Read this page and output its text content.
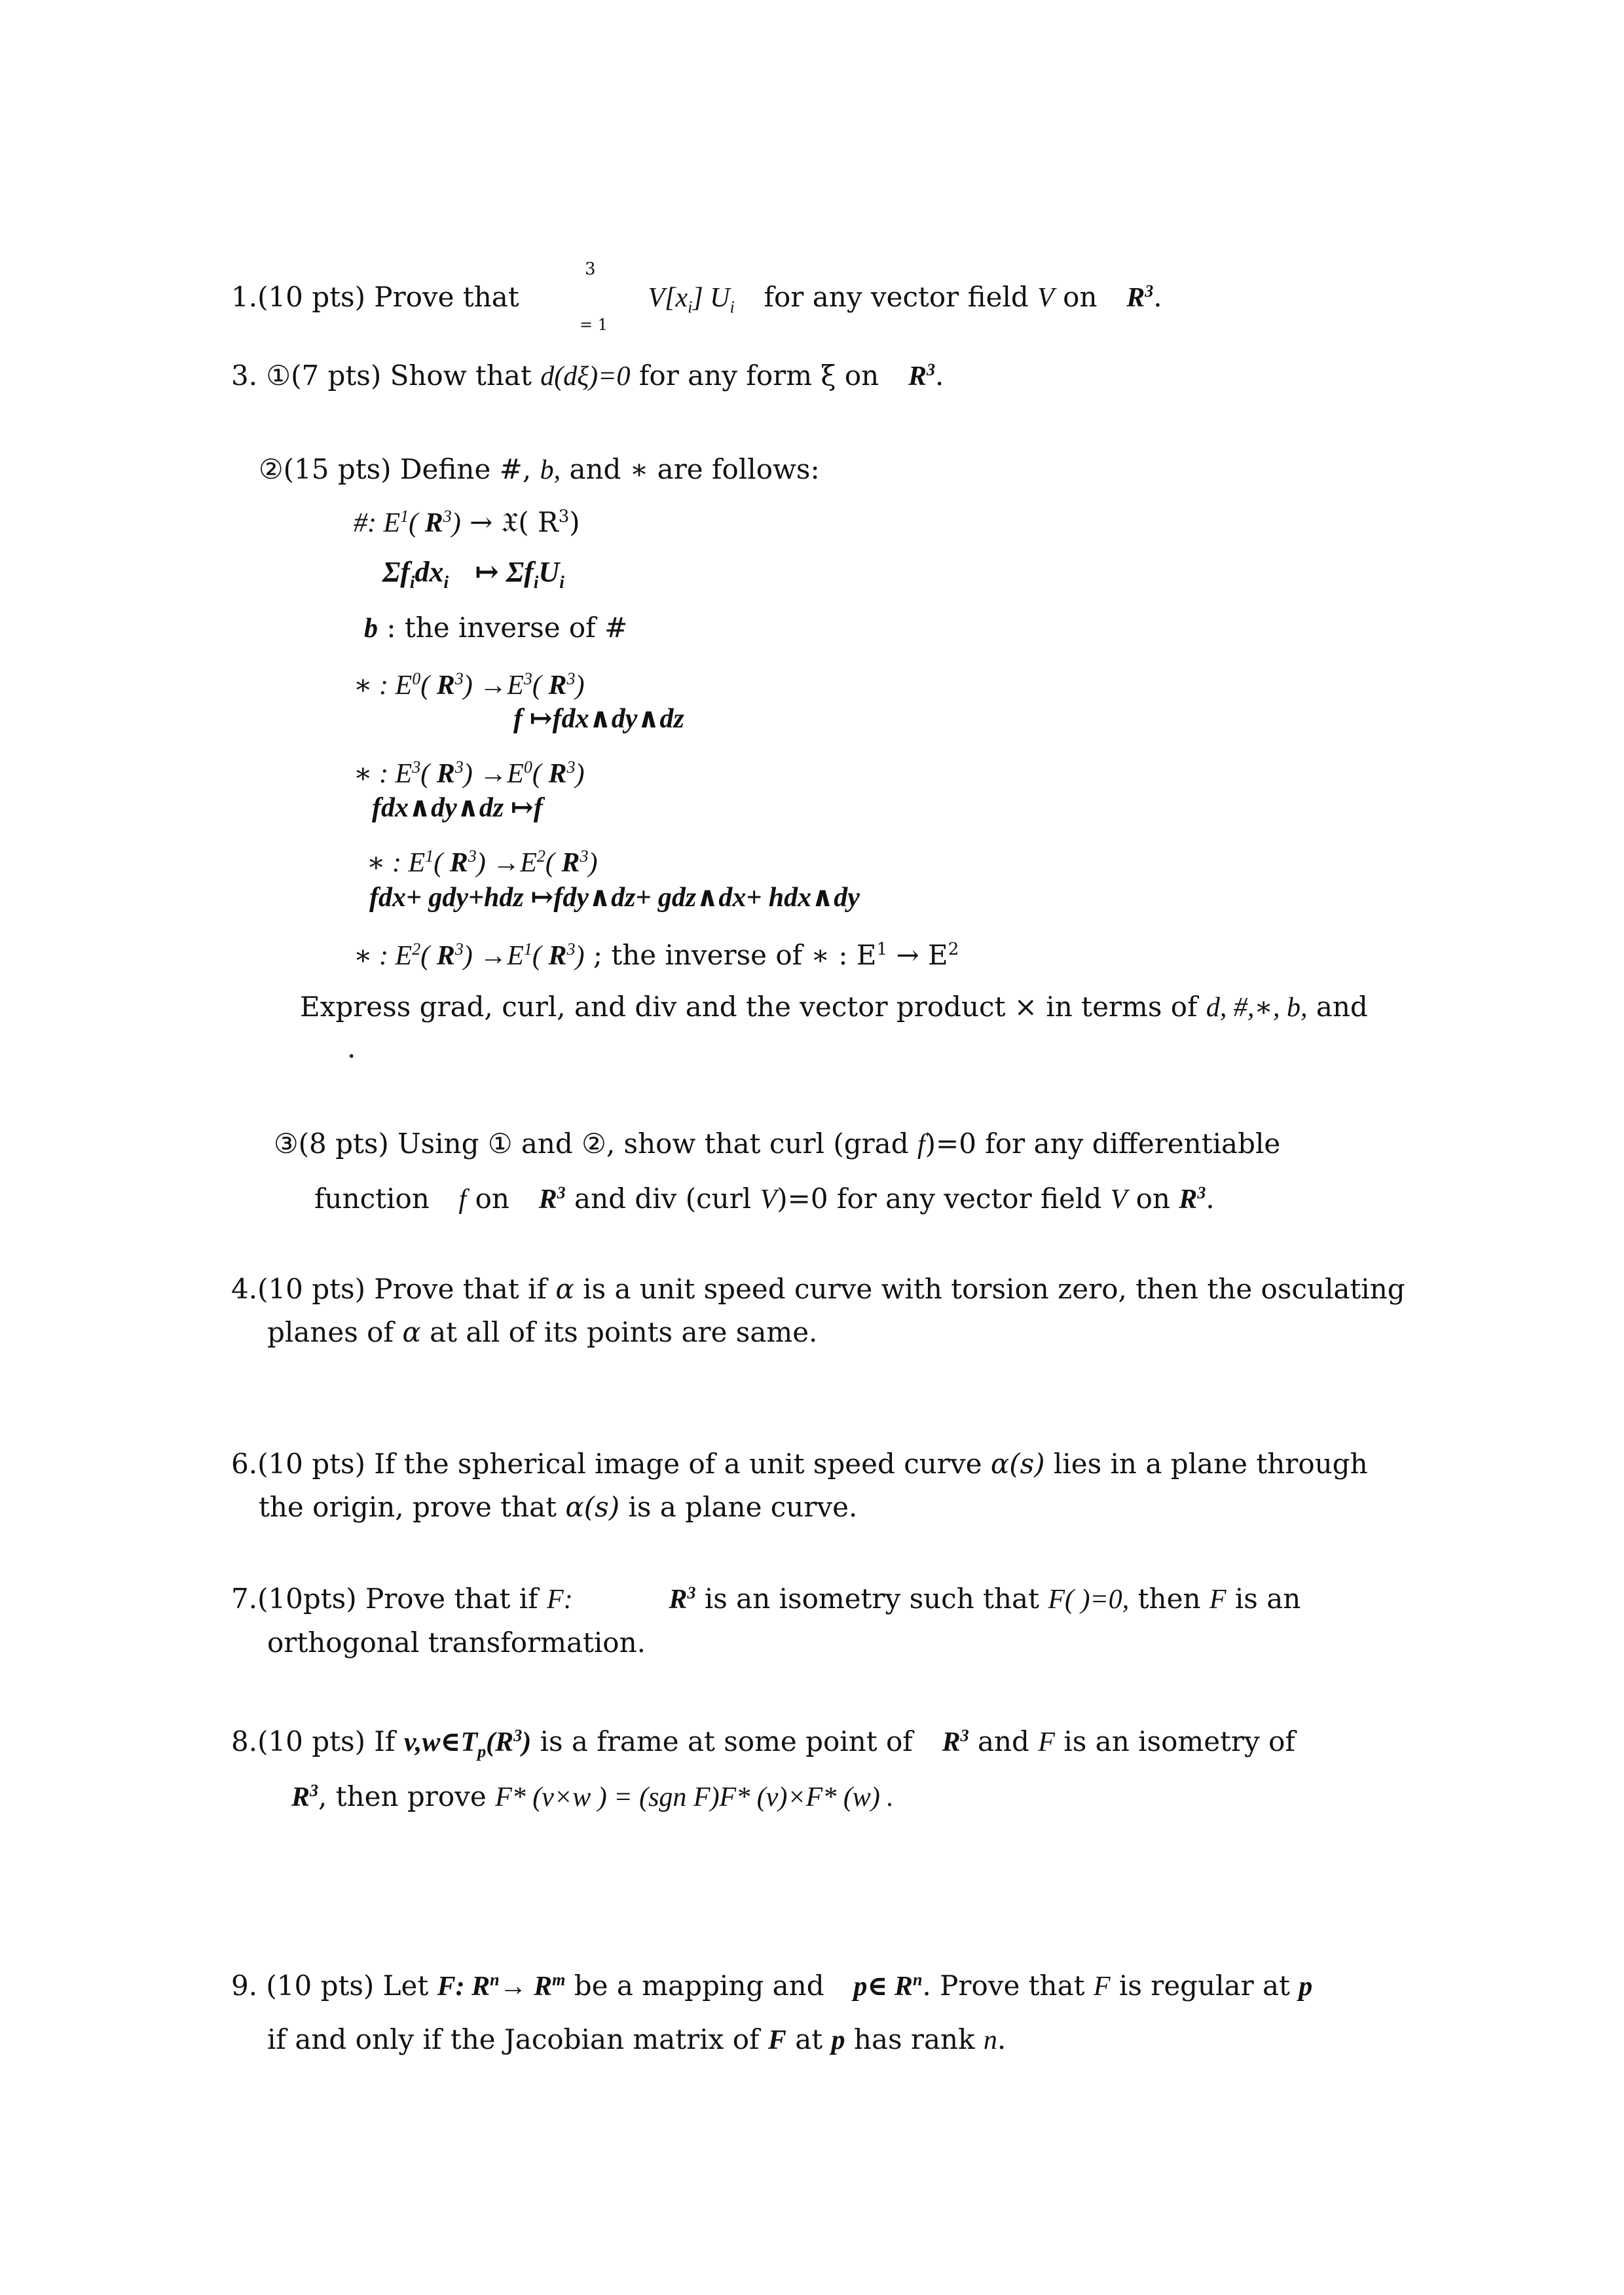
3
1.(10 pts) Prove that	$V[x_i]$ $U_i$ for any vector field V on $R^3$.
= 1
3. ①(7 pts) Show that d(dξ)=0 for any form ξ on $R^3$.
②(15 pts) Define #, b, and ∗ are follows:
#: $E^1$( $R^3$) → 𝔛( $R^3$)
$\Sigma f_idx_i$ ↦ $\Sigma f_iU_i$
b : the inverse of #
∗ : $E^0$( $R^3) \to E^3$( $R^3$)
f ↦fdx∧dy∧dz
∗ : $E^3$( $R^3) \to E^0$( $R^3$)
fdx∧dy∧dz ↦f
∗ : $E^1$( $R^3) \to E^2$( $R^3$)
fdx+ gdy+hdz ↦fdy∧dz+ gdz∧dx+ hdx∧dy
∗ : $E^2$( $R^3) \to E^1$( $R^3$) ; the inverse of ∗ : $E^1 \to E^2$
Express grad, curl, and div and the vector product × in terms of d, #,∗, b, and
.
③(8 pts) Using ① and ②, show that curl (grad f)=0 for any differentiable
function f on $R^3$ and div (curl V)=0 for any vector field V on $R^3$.
4.(10 pts) Prove that if α is a unit speed curve with torsion zero, then the osculating
planes of α at all of its points are same.
6.(10 pts) If the spherical image of a unit speed curve α(s) lies in a plane through
the origin, prove that α(s) is a plane curve.
7.(10pts) Prove that if F:	$R^3$ is an isometry such that F( )=0, then F is an
orthogonal transformation.
8.(10 pts) If $v,w\in T_p(R^3)$ is a frame at some point of $R^3$ and F is an isometry of
$R^3$, then prove F* (v×w ) = (sgn F)F* (v)×F* (w) .
9. (10 pts) Let F: $R^n\to R^m$ be a mapping and p∈ $R^n$. Prove that F is regular at p
if and only if the Jacobian matrix of F at p has rank n.
